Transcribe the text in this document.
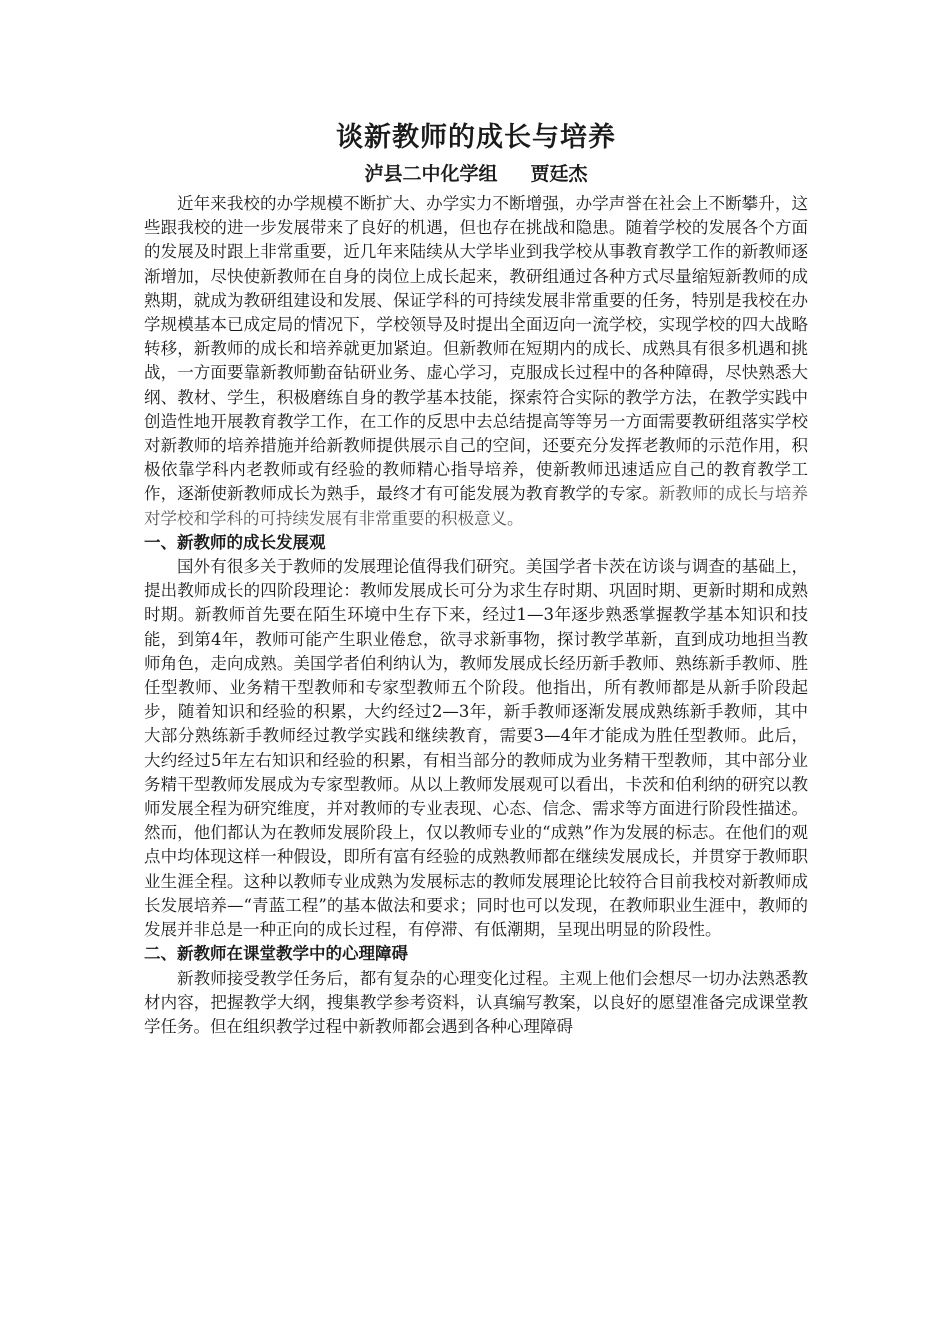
谈新教师的成长与培养

泸县二中化学组     贾廷杰

近年来我校的办学规模不断扩大、办学实力不断增强，办学声誉在社会上不断攀升，这些跟我校的进一步发展带来了良好的机遇，但也存在挑战和隐患。随着学校的发展各个方面的发展及时跟上非常重要，近几年来陆续从大学毕业到我学校从事教育教学工作的新教师逐渐增加，尽快使新教师在自身的岗位上成长起来，教研组通过各种方式尽量缩短新教师的成熟期，就成为教研组建设和发展、保证学科的可持续发展非常重要的任务，特别是我校在办学规模基本已成定局的情况下，学校领导及时提出全面迈向一流学校，实现学校的四大战略转移，新教师的成长和培养就更加紧迫。但新教师在短期内的成长、成熟具有很多机遇和挑战，一方面要靠新教师勤奋钻研业务、虚心学习，克服成长过程中的各种障碍，尽快熟悉大纲、教材、学生，积极磨练自身的教学基本技能，探索符合实际的教学方法，在教学实践中创造性地开展教育教学工作，在工作的反思中去总结提高等等另一方面需要教研组落实学校对新教师的培养措施并给新教师提供展示自己的空间，还要充分发挥老教师的示范作用，积极依靠学科内老教师或有经验的教师精心指导培养，使新教师迅速适应自己的教育教学工作，逐渐使新教师成长为熟手，最终才有可能发展为教育教学的专家。新教师的成长与培养对学校和学科的可持续发展有非常重要的积极意义。

一、新教师的成长发展观

国外有很多关于教师的发展理论值得我们研究。美国学者卡茨在访谈与调查的基础上，提出教师成长的四阶段理论：教师发展成长可分为求生存时期、巩固时期、更新时期和成熟时期。新教师首先要在陌生环境中生存下来，经过1—3年逐步熟悉掌握教学基本知识和技能，到第4年，教师可能产生职业倦怠，欲寻求新事物，探讨教学革新，直到成功地担当教师角色，走向成熟。美国学者伯利纳认为，教师发展成长经历新手教师、熟练新手教师、胜任型教师、业务精干型教师和专家型教师五个阶段。他指出，所有教师都是从新手阶段起步，随着知识和经验的积累，大约经过2—3年，新手教师逐渐发展成熟练新手教师，其中大部分熟练新手教师经过教学实践和继续教育，需要3—4年才能成为胜任型教师。此后，大约经过5年左右知识和经验的积累，有相当部分的教师成为业务精干型教师，其中部分业务精干型教师发展成为专家型教师。从以上教师发展观可以看出，卡茨和伯利纳的研究以教师发展全程为研究维度，并对教师的专业表现、心态、信念、需求等方面进行阶段性描述。然而，他们都认为在教师发展阶段上，仅以教师专业的“成熟”作为发展的标志。在他们的观点中均体现这样一种假设，即所有富有经验的成熟教师都在继续发展成长，并贯穿于教师职业生涯全程。这种以教师专业成熟为发展标志的教师发展理论比较符合目前我校对新教师成长发展培养—“青蓝工程”的基本做法和要求；同时也可以发现，在教师职业生涯中，教师的发展并非总是一种正向的成长过程，有停滞、有低潮期，呈现出明显的阶段性。

二、新教师在课堂教学中的心理障碍

新教师接受教学任务后，都有复杂的心理变化过程。主观上他们会想尽一切办法熟悉教材内容，把握教学大纲，搜集教学参考资料，认真编写教案，以良好的愿望准备完成课堂教学任务。但在组织教学过程中新教师都会遇到各种心理障碍
